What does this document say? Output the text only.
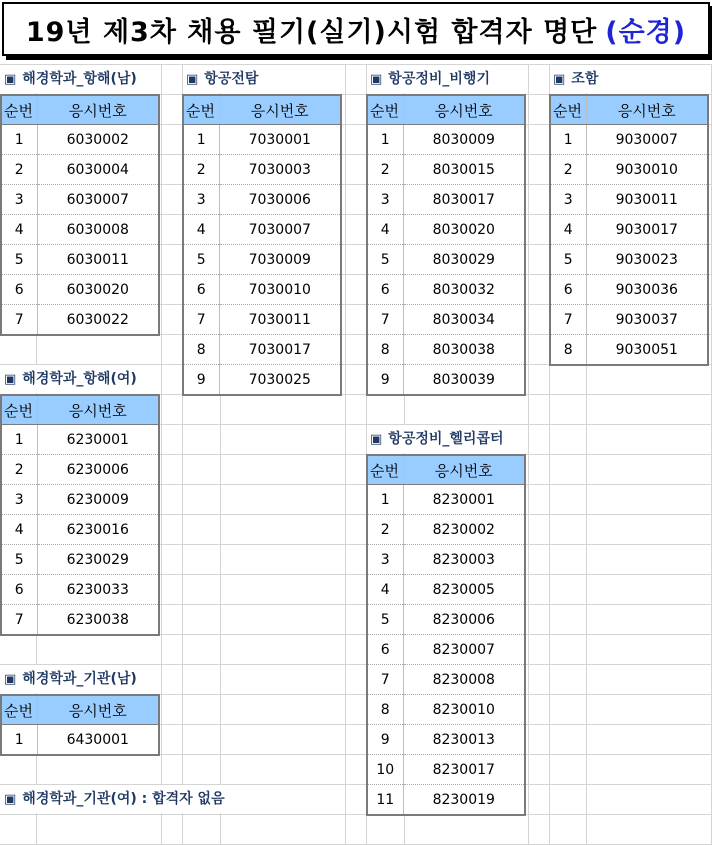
19년 제3차 채용 필기(실기)시험 합격자 명단 (순경)
▣ 해경학과_항해(남)
순번	응시번호
1	6030002
2	6030004
3	6030007
4	6030008
5	6030011
6	6030020
7	6030022
▣ 항공전탐
순번	응시번호
1	7030001
2	7030003
3	7030006
4	7030007
5	7030009
6	7030010
7	7030011
8	7030017
9	7030025
▣ 항공정비_비행기
순번	응시번호
1	8030009
2	8030015
3	8030017
4	8030020
5	8030029
6	8030032
7	8030034
8	8030038
9	8030039
▣ 조함
순번	응시번호
1	9030007
2	9030010
3	9030011
4	9030017
5	9030023
6	9030036
7	9030037
8	9030051
▣ 해경학과_항해(여)
순번	응시번호
1	6230001
2	6230006
3	6230009
4	6230016
5	6230029
6	6230033
7	6230038
▣ 항공정비_헬리콥터
순번	응시번호
1	8230001
2	8230002
3	8230003
4	8230005
5	8230006
6	8230007
7	8230008
8	8230010
9	8230013
10	8230017
11	8230019
▣ 해경학과_기관(남)
순번	응시번호
1	6430001
▣ 해경학과_기관(여) : 합격자 없음
